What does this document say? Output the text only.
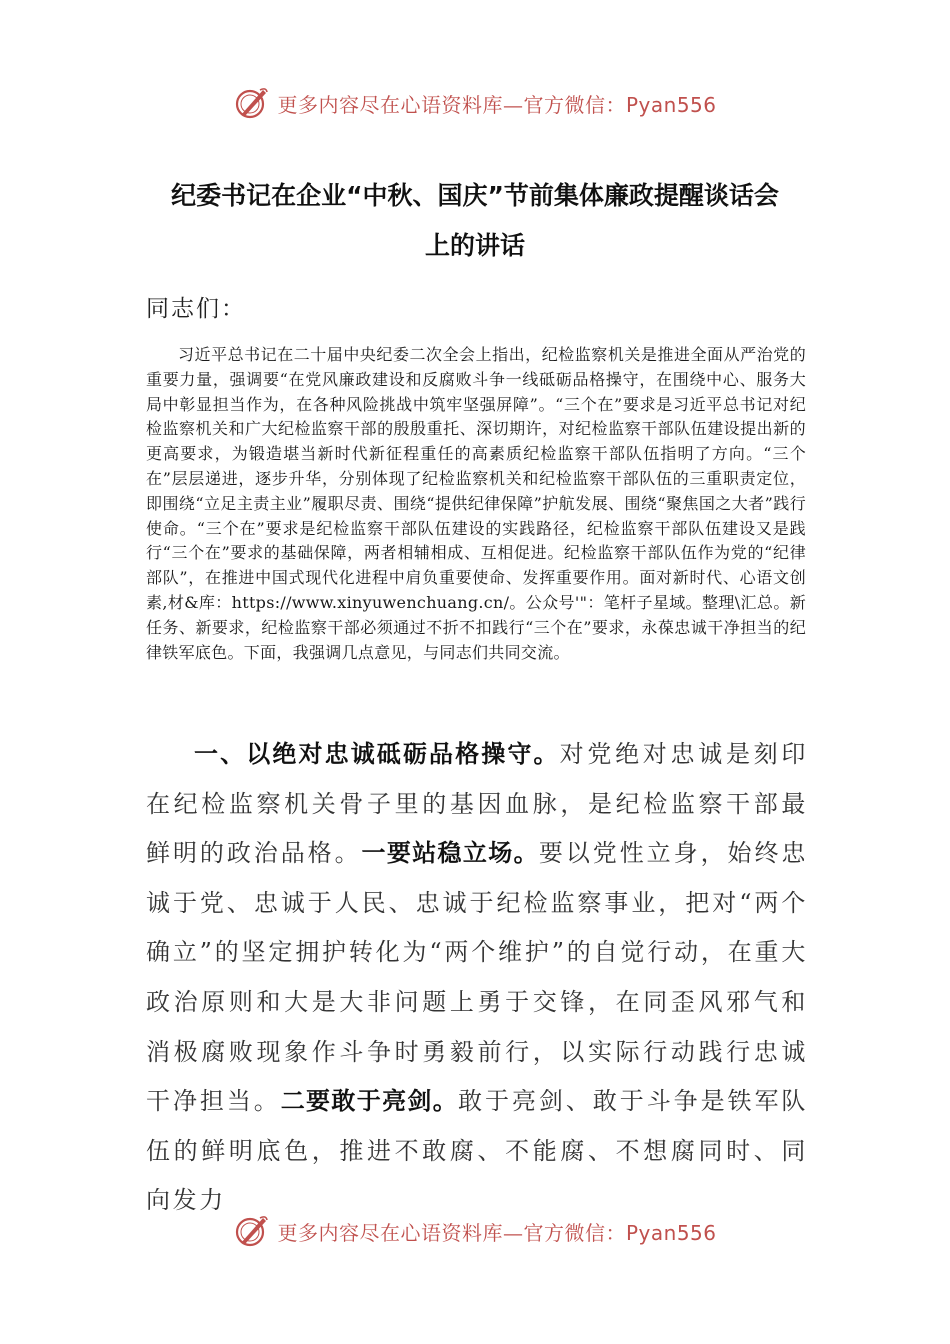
更多内容尽在心语资料库—官方微信：Pyan556
纪委书记在企业“中秋、国庆”节前集体廉政提醒谈话会
上的讲话
同志们：

习近平总书记在二十届中央纪委二次全会上指出，纪检监察机关是推进全面从严治党的重要力量，强调要“在党风廉政建设和反腐败斗争一线砥砺品格操守，在围绕中心、服务大局中彰显担当作为，在各种风险挑战中筑牢坚强屏障”。“三个在”要求是习近平总书记对纪检监察机关和广大纪检监察干部的殷殷重托、深切期许，对纪检监察干部队伍建设提出新的更高要求，为锻造堪当新时代新征程重任的高素质纪检监察干部队伍指明了方向。“三个在”层层递进，逐步升华，分别体现了纪检监察机关和纪检监察干部队伍的三重职责定位，即围绕“立足主责主业”履职尽责、围绕“提供纪律保障”护航发展、围绕“聚焦国之大者”践行使命。“三个在”要求是纪检监察干部队伍建设的实践路径，纪检监察干部队伍建设又是践行“三个在”要求的基础保障，两者相辅相成、互相促进。纪检监察干部队伍作为党的“纪律部队”，在推进中国式现代化进程中肩负重要使命、发挥重要作用。面对新时代、心语文创素,材&库：https://www.xinyuwenchuang.cn/。公众号'"：笔杆子星域。整理\汇总。新任务、新要求，纪检监察干部必须通过不折不扣践行“三个在”要求，永葆忠诚干净担当的纪律铁军底色。下面，我强调几点意见，与同志们共同交流。

一、以绝对忠诚砥砺品格操守。对党绝对忠诚是刻印在纪检监察机关骨子里的基因血脉，是纪检监察干部最鲜明的政治品格。一要站稳立场。要以党性立身，始终忠诚于党、忠诚于人民、忠诚于纪检监察事业，把对“两个确立”的坚定拥护转化为“两个维护”的自觉行动，在重大政治原则和大是大非问题上勇于交锋，在同歪风邪气和消极腐败现象作斗争时勇毅前行，以实际行动践行忠诚干净担当。二要敢于亮剑。敢于亮剑、敢于斗争是铁军队伍的鲜明底色，推进不敢腐、不能腐、不想腐同时、同向发力

更多内容尽在心语资料库—官方微信：Pyan556
